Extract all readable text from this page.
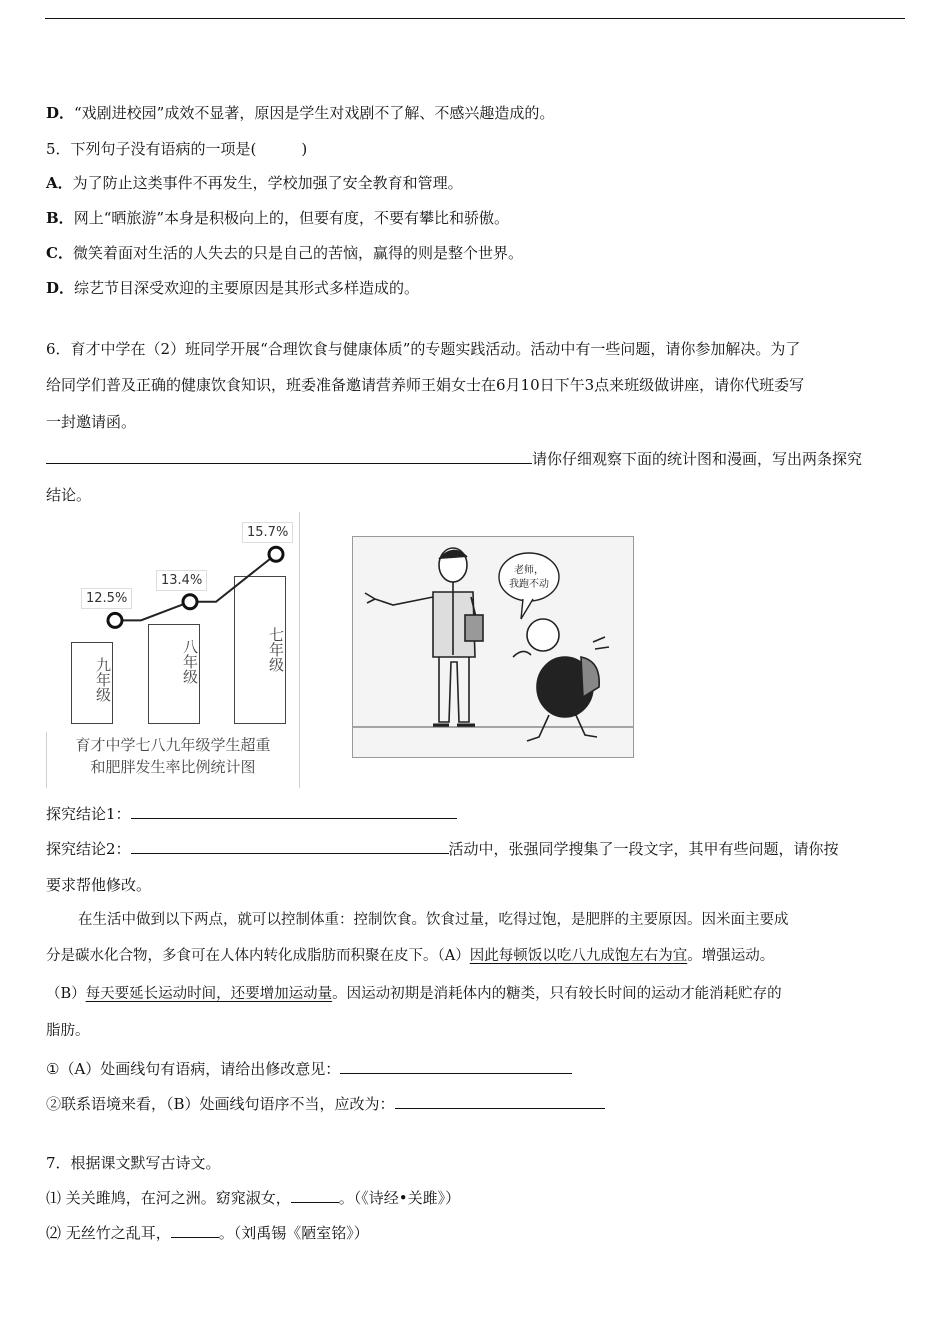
D．“戏剧进校园”成效不显著，原因是学生对戏剧不了解、不感兴趣造成的。
5．下列句子没有语病的一项是(　　　)
A．为了防止这类事件不再发生，学校加强了安全教育和管理。
B．网上“晒旅游”本身是积极向上的，但要有度，不要有攀比和骄傲。
C．微笑着面对生活的人失去的只是自己的苦恼，赢得的则是整个世界。
D．综艺节目深受欢迎的主要原因是其形式多样造成的。
6．育才中学在（2）班同学开展“合理饮食与健康体质”的专题实践活动。活动中有一些问题，请你参加解决。为了
给同学们普及正确的健康饮食知识，班委准备邀请营养师王娟女士在6月10日下午3点来班级做讲座，请你代班委写
一封邀请函。
请你仔细观察下面的统计图和漫画，写出两条探究
结论。
九年级
12.5%
八年级
13.4%
七年级
15.7%
育才中学七八九年级学生超重
和肥胖发生率比例统计图
老师，
我跑不动
探究结论1：
探究结论2：	活动中，张强同学搜集了一段文字，其甲有些问题，请你按
要求帮他修改。
在生活中做到以下两点，就可以控制体重：控制饮食。饮食过量，吃得过饱，是肥胖的主要原因。因米面主要成
分是碳水化合物，多食可在人体内转化成脂肪而积聚在皮下。（A）因此每顿饭以吃八九成饱左右为宜。增强运动。
（B）每天要延长运动时间，还要增加运动量。因运动初期是消耗体内的糖类，只有较长时间的运动才能消耗贮存的
脂肪。
①（A）处画线句有语病，请给出修改意见：
②联系语境来看，（B）处画线句语序不当，应改为：
7．根据课文默写古诗文。
⑴ 关关雎鸠，在河之洲。窈窕淑女，	。（《诗经•关雎》）
⑵ 无丝竹之乱耳，	。（刘禹锡《陋室铭》）
